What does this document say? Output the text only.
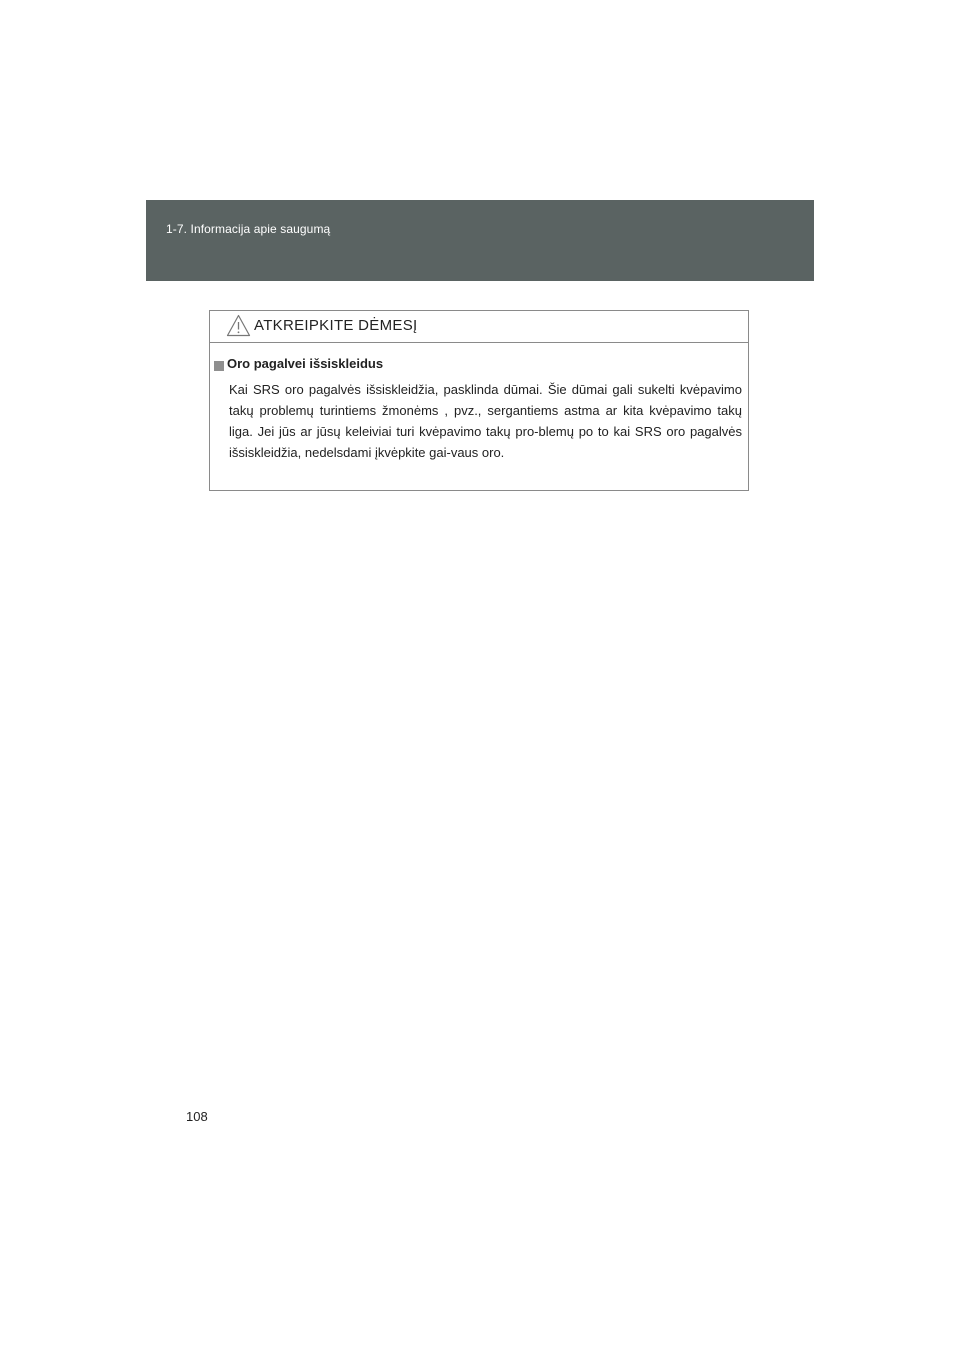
1-7. Informacija apie saugumą
ATKREIPKITE DĖMESĮ
Oro pagalvei išsiskleidus
Kai SRS oro pagalvės išsiskleidžia, pasklinda dūmai. Šie dūmai gali sukelti kvėpavimo takų problemų turintiems žmonėms , pvz., sergantiems astma ar kita kvėpavimo takų liga. Jei jūs ar jūsų keleiviai turi kvėpavimo takų pro-blemų po to kai SRS oro pagalvės išsiskleidžia, nedelsdami įkvėpkite gai-vaus oro.
108
